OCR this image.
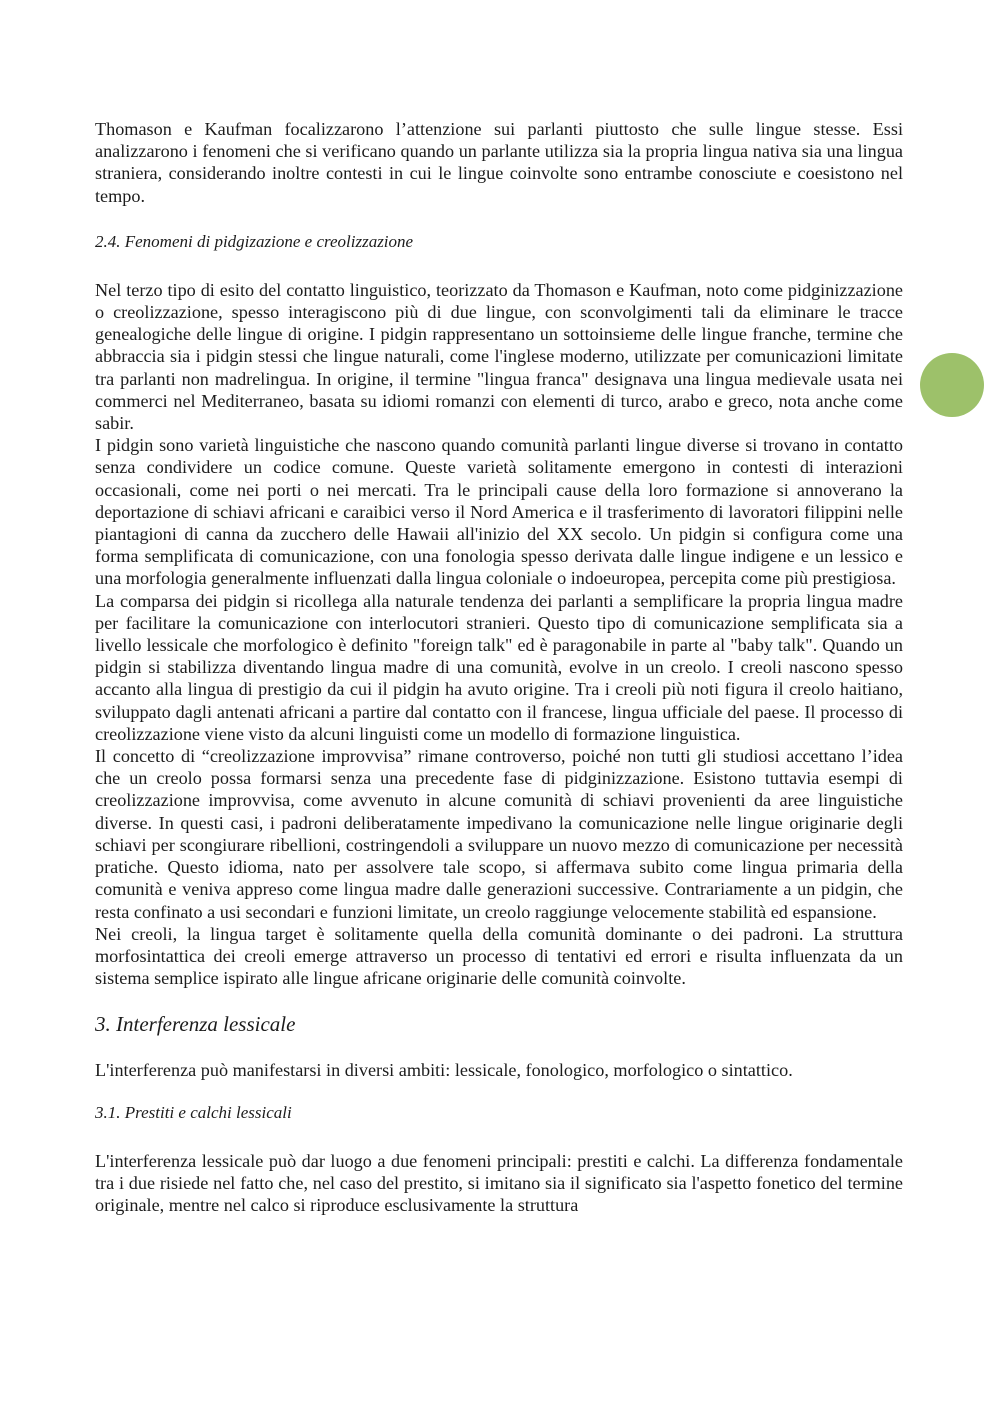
Thomason e Kaufman focalizzarono l’attenzione sui parlanti piuttosto che sulle lingue stesse. Essi analizzarono i fenomeni che si verificano quando un parlante utilizza sia la propria lingua nativa sia una lingua straniera, considerando inoltre contesti in cui le lingue coinvolte sono entrambe conosciute e coesistono nel tempo.

2.4. Fenomeni di pidgizazione e creolizzazione

Nel terzo tipo di esito del contatto linguistico, teorizzato da Thomason e Kaufman, noto come pidginizzazione o creolizzazione, spesso interagiscono più di due lingue, con sconvolgimenti tali da eliminare le tracce genealogiche delle lingue di origine. I pidgin rappresentano un sottoinsieme delle lingue franche, termine che abbraccia sia i pidgin stessi che lingue naturali, come l'inglese moderno, utilizzate per comunicazioni limitate tra parlanti non madrelingua. In origine, il termine "lingua franca" designava una lingua medievale usata nei commerci nel Mediterraneo, basata su idiomi romanzi con elementi di turco, arabo e greco, nota anche come sabir.

I pidgin sono varietà linguistiche che nascono quando comunità parlanti lingue diverse si trovano in contatto senza condividere un codice comune. Queste varietà solitamente emergono in contesti di interazioni occasionali, come nei porti o nei mercati. Tra le principali cause della loro formazione si annoverano la deportazione di schiavi africani e caraibici verso il Nord America e il trasferimento di lavoratori filippini nelle piantagioni di canna da zucchero delle Hawaii all'inizio del XX secolo. Un pidgin si configura come una forma semplificata di comunicazione, con una fonologia spesso derivata dalle lingue indigene e un lessico e una morfologia generalmente influenzati dalla lingua coloniale o indoeuropea, percepita come più prestigiosa.

La comparsa dei pidgin si ricollega alla naturale tendenza dei parlanti a semplificare la propria lingua madre per facilitare la comunicazione con interlocutori stranieri. Questo tipo di comunicazione semplificata sia a livello lessicale che morfologico è definito "foreign talk" ed è paragonabile in parte al "baby talk". Quando un pidgin si stabilizza diventando lingua madre di una comunità, evolve in un creolo. I creoli nascono spesso accanto alla lingua di prestigio da cui il pidgin ha avuto origine. Tra i creoli più noti figura il creolo haitiano, sviluppato dagli antenati africani a partire dal contatto con il francese, lingua ufficiale del paese. Il processo di creolizzazione viene visto da alcuni linguisti come un modello di formazione linguistica.

Il concetto di “creolizzazione improvvisa” rimane controverso, poiché non tutti gli studiosi accettano l’idea che un creolo possa formarsi senza una precedente fase di pidginizzazione. Esistono tuttavia esempi di creolizzazione improvvisa, come avvenuto in alcune comunità di schiavi provenienti da aree linguistiche diverse. In questi casi, i padroni deliberatamente impedivano la comunicazione nelle lingue originarie degli schiavi per scongiurare ribellioni, costringendoli a sviluppare un nuovo mezzo di comunicazione per necessità pratiche. Questo idioma, nato per assolvere tale scopo, si affermava subito come lingua primaria della comunità e veniva appreso come lingua madre dalle generazioni successive. Contrariamente a un pidgin, che resta confinato a usi secondari e funzioni limitate, un creolo raggiunge velocemente stabilità ed espansione.

Nei creoli, la lingua target è solitamente quella della comunità dominante o dei padroni. La struttura morfosintattica dei creoli emerge attraverso un processo di tentativi ed errori e risulta influenzata da un sistema semplice ispirato alle lingue africane originarie delle comunità coinvolte.

3. Interferenza lessicale

L'interferenza può manifestarsi in diversi ambiti: lessicale, fonologico, morfologico o sintattico.

3.1. Prestiti e calchi lessicali

L'interferenza lessicale può dar luogo a due fenomeni principali: prestiti e calchi. La differenza fondamentale tra i due risiede nel fatto che, nel caso del prestito, si imitano sia il significato sia l'aspetto fonetico del termine originale, mentre nel calco si riproduce esclusivamente la struttura
